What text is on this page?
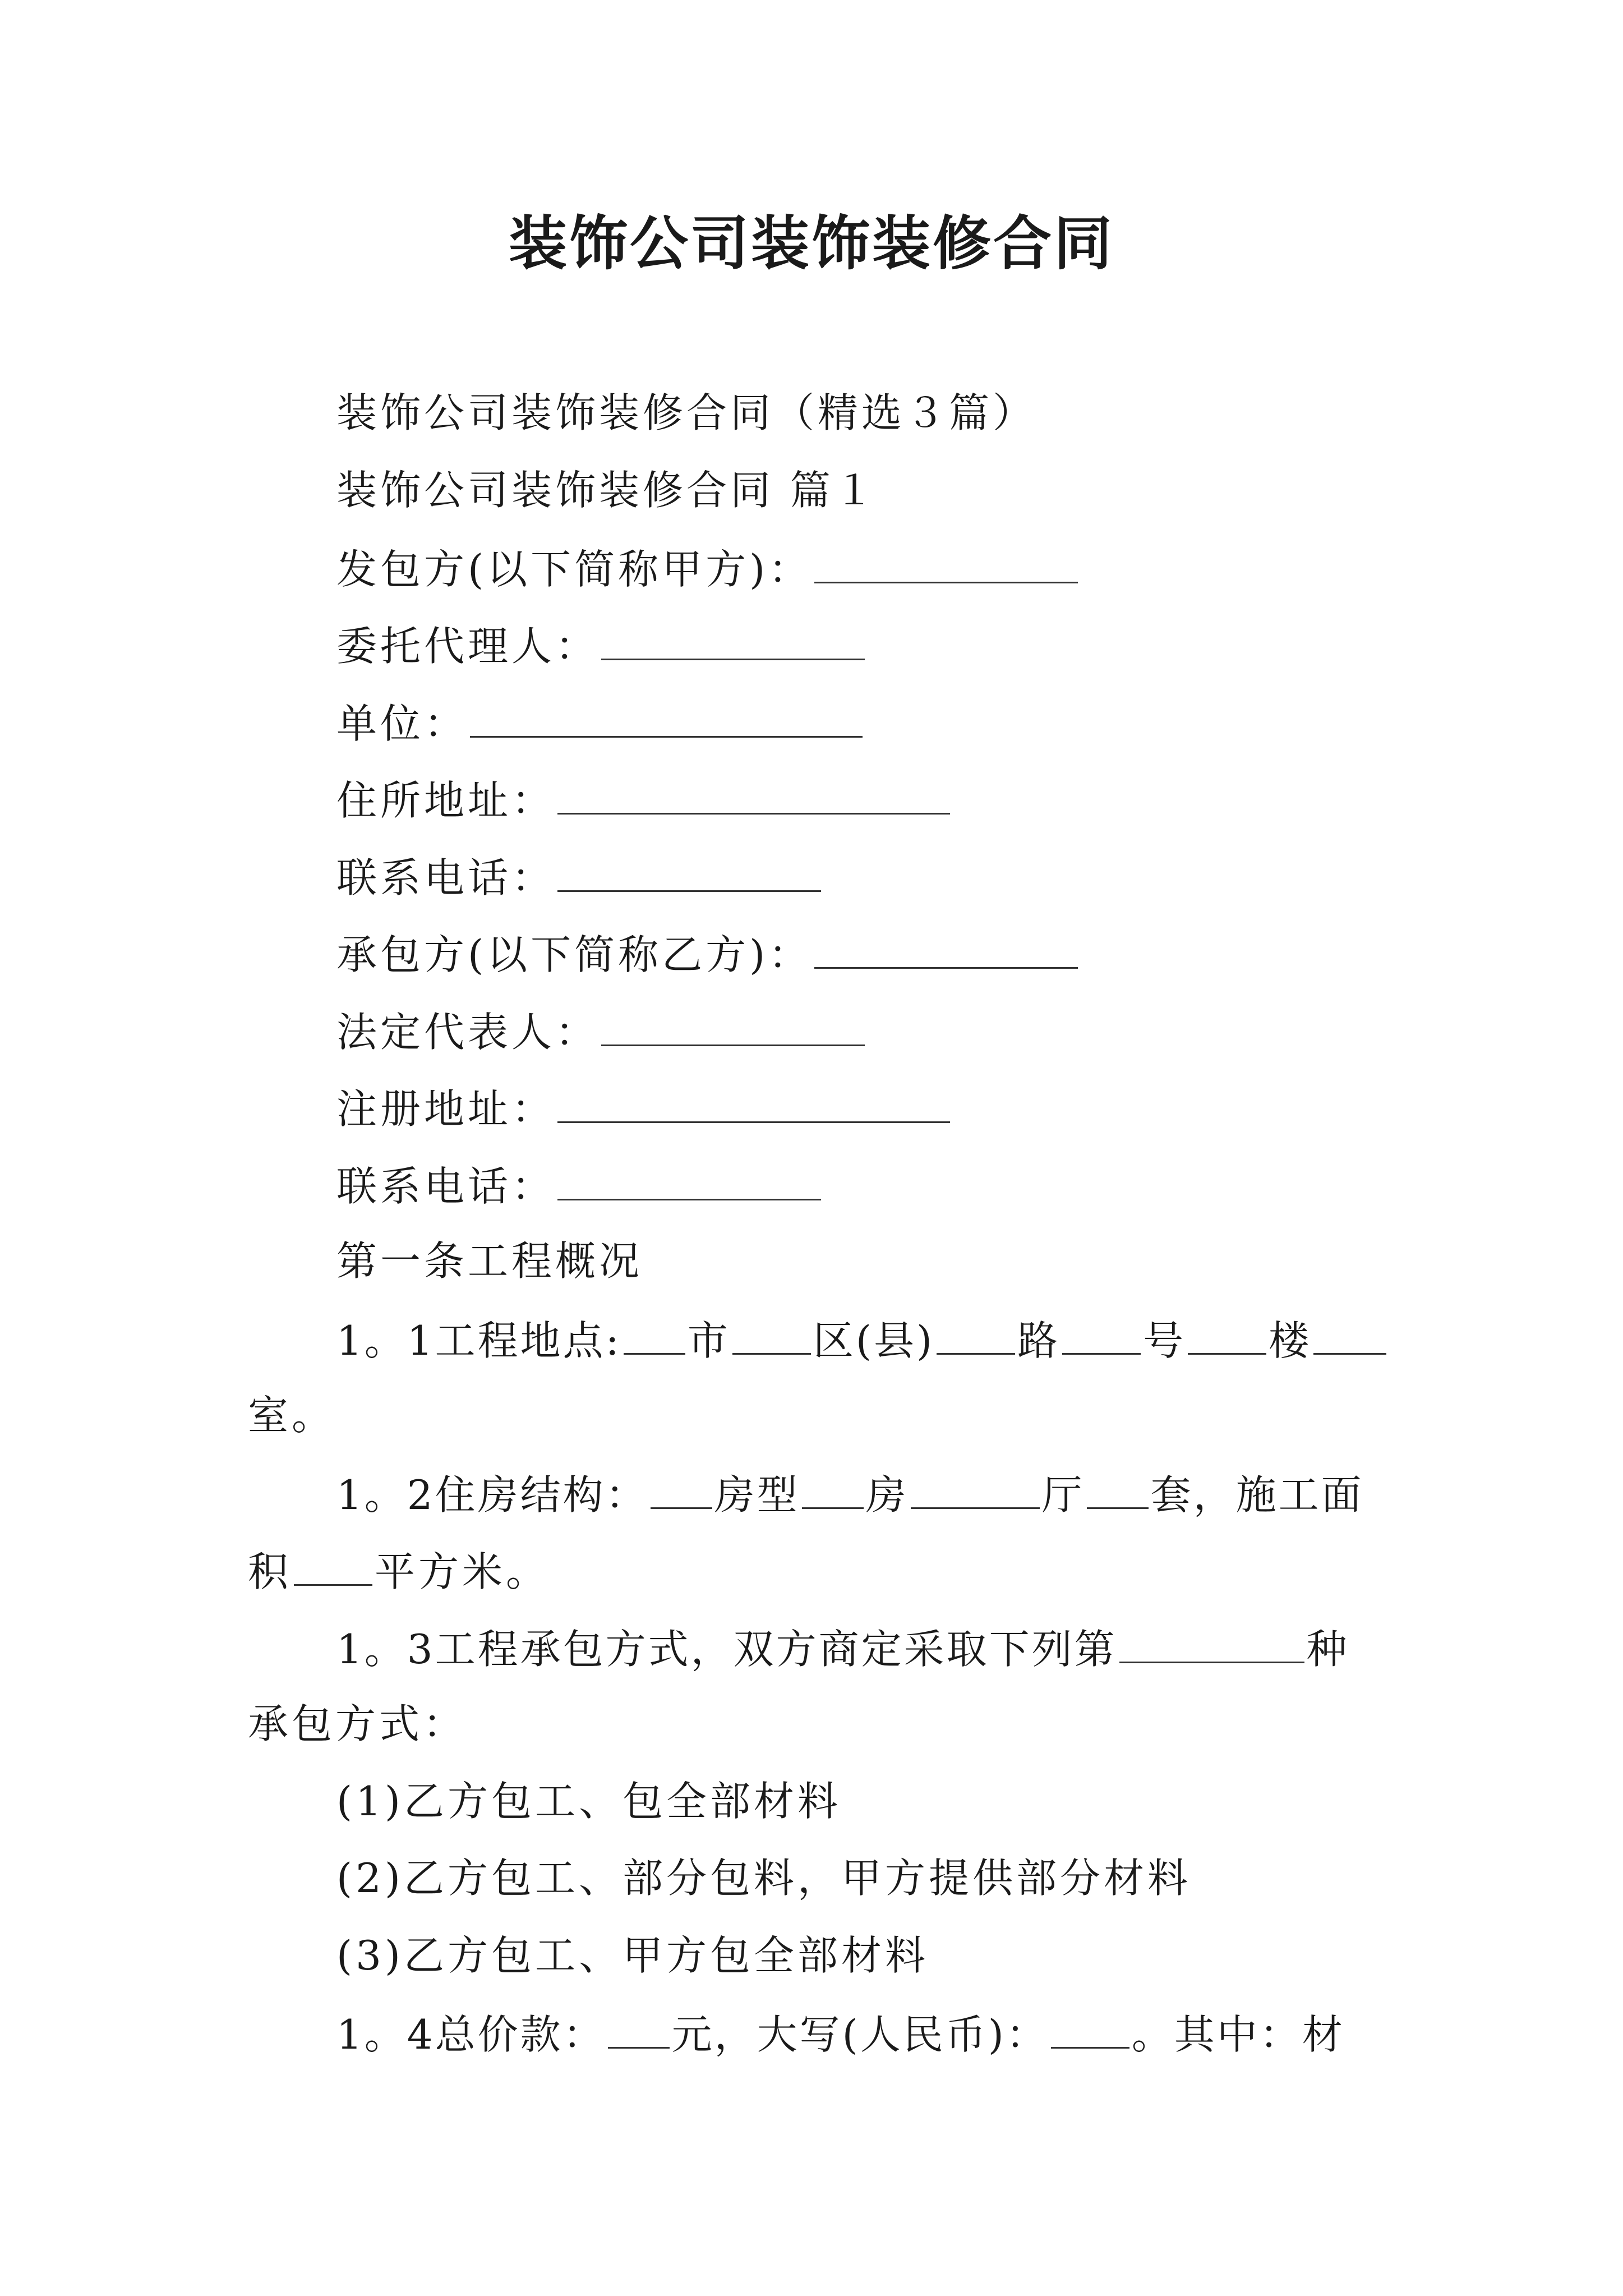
装饰公司装饰装修合同
装饰公司装饰装修合同（精选３篇）
装饰公司装饰装修合同 篇１
发包方(以下简称甲方)：
委托代理人：
单位：
住所地址：
联系电话：
承包方(以下简称乙方)：
法定代表人：
注册地址：
联系电话：
第一条工程概况
1。1工程地点: 市 区(县) 路 号 楼
室。
1。2住房结构： 房型 房	厅 套，施工面
积 平方米。
1。3工程承包方式，双方商定采取下列第	种
承包方式：
(1)乙方包工、包全部材料
(2)乙方包工、部分包料，甲方提供部分材料
(3)乙方包工、甲方包全部材料
1。4总价款： 元，大写(人民币)： 。其中：材
